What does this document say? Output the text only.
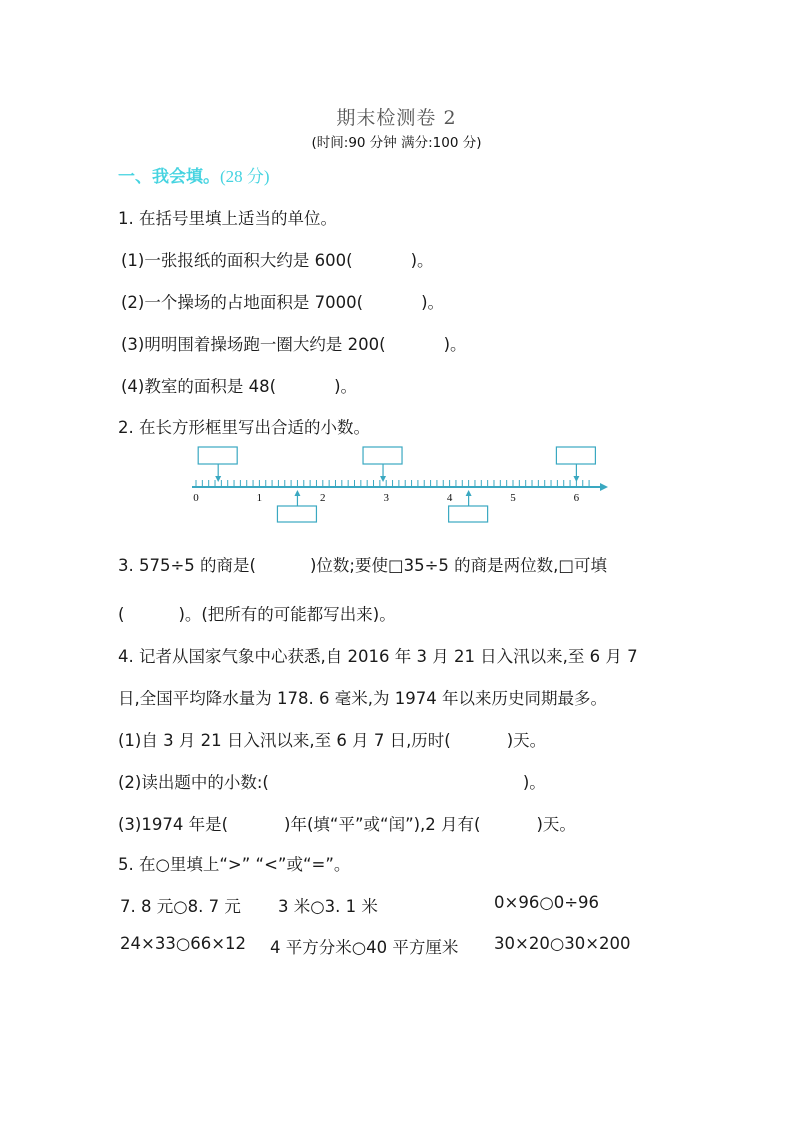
期末检测卷 2
(时间:90 分钟 满分:100 分)
一、我会填。(28 分)
1. 在括号里填上适当的单位。
(1)一张报纸的面积大约是 600(	)。
(2)一个操场的占地面积是 7000(	)。
(3)明明围着操场跑一圈大约是 200(	)。
(4)教室的面积是 48(	)。
2. 在长方形框里写出合适的小数。
0	1	2	3	4	5	6
3. 575÷5 的商是(	)位数;要使□35÷5 的商是两位数,□可填
(	)。(把所有的可能都写出来)。
4. 记者从国家气象中心获悉,自 2016 年 3 月 21 日入汛以来,至 6 月 7
日,全国平均降水量为 178. 6 毫米,为 1974 年以来历史同期最多。
(1)自 3 月 21 日入汛以来,至 6 月 7 日,历时(	)天。
(2)读出题中的小数:(	)。
(3)1974 年是(	)年(填“平”或“闰”),2 月有(	)天。
5. 在○里填上“>” “<”或“=”。
7. 8 元○8. 7 元 3 米○3. 1 米	0×96○0÷96
24×33○66×12 4 平方分米○40 平方厘米 30×20○30×200
